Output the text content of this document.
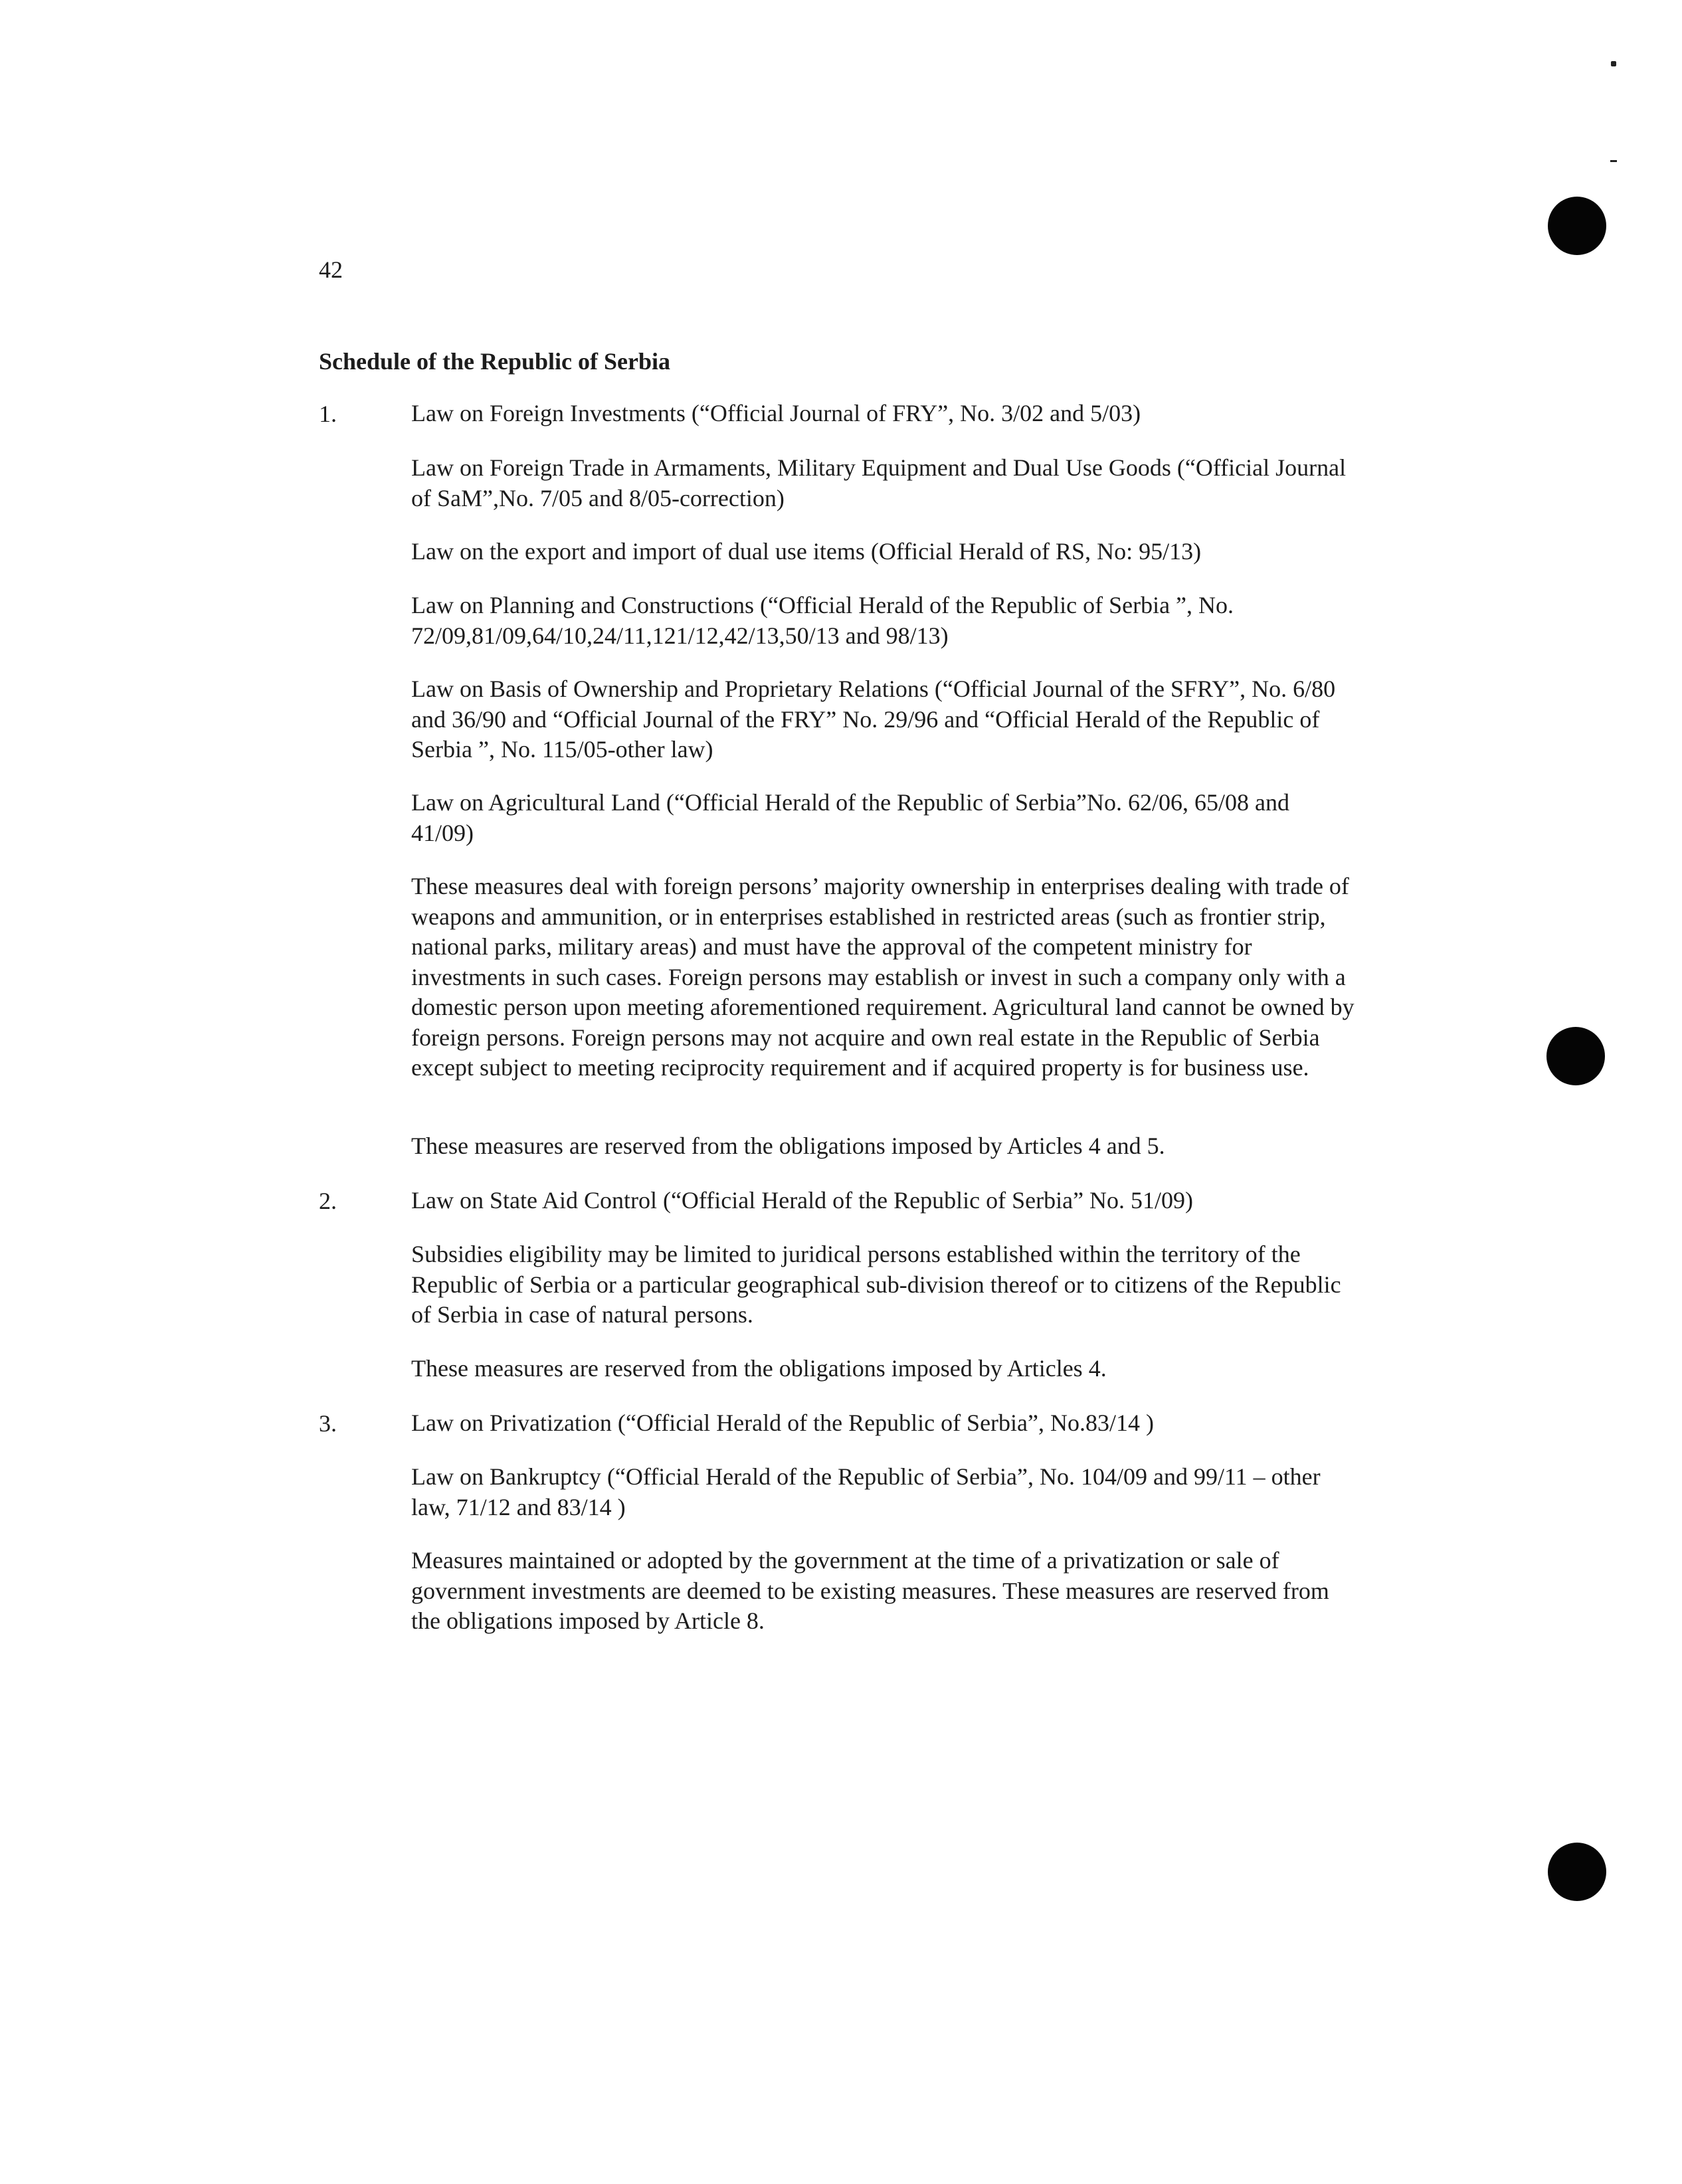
42
Schedule of the Republic of Serbia
1.	Law on Foreign Investments (“Official Journal of FRY”, No. 3/02 and 5/03)

Law on Foreign Trade in Armaments, Military Equipment and Dual Use Goods (“Official Journal of SaM”,No. 7/05 and 8/05-correction)

Law on the export and import of dual use items (Official Herald of RS, No: 95/13)

Law on Planning and Constructions (“Official Herald of the Republic of Serbia ”, No. 72/09,81/09,64/10,24/11,121/12,42/13,50/13 and 98/13)

Law on Basis of Ownership and Proprietary Relations (“Official Journal of the SFRY”, No. 6/80 and 36/90 and “Official Journal of the FRY” No. 29/96 and “Official Herald of the Republic of Serbia ”, No. 115/05-other law)

Law on Agricultural Land (“Official Herald of the Republic of Serbia”No. 62/06, 65/08 and 41/09)

These measures deal with foreign persons’ majority ownership in enterprises dealing with trade of weapons and ammunition, or in enterprises established in restricted areas (such as frontier strip, national parks, military areas) and must have the approval of the competent ministry for investments in such cases. Foreign persons may establish or invest in such a company only with a domestic person upon meeting aforementioned requirement. Agricultural land cannot be owned by foreign persons. Foreign persons may not acquire and own real estate in the Republic of Serbia except subject to meeting reciprocity requirement and if acquired property is for business use.

These measures are reserved from the obligations imposed by Articles 4 and 5.

2.	Law on State Aid Control (“Official Herald of the Republic of Serbia” No. 51/09)

Subsidies eligibility may be limited to juridical persons established within the territory of the Republic of Serbia or a particular geographical sub-division thereof or to citizens of the Republic of Serbia in case of natural persons.

These measures are reserved from the obligations imposed by Articles 4.

3.	Law on Privatization (“Official Herald of the Republic of Serbia”, No.83/14 )

Law on Bankruptcy (“Official Herald of the Republic of Serbia”, No. 104/09 and 99/11 – other law, 71/12 and 83/14 )

Measures maintained or adopted by the government at the time of a privatization or sale of government investments are deemed to be existing measures. These measures are reserved from the obligations imposed by Article 8.
